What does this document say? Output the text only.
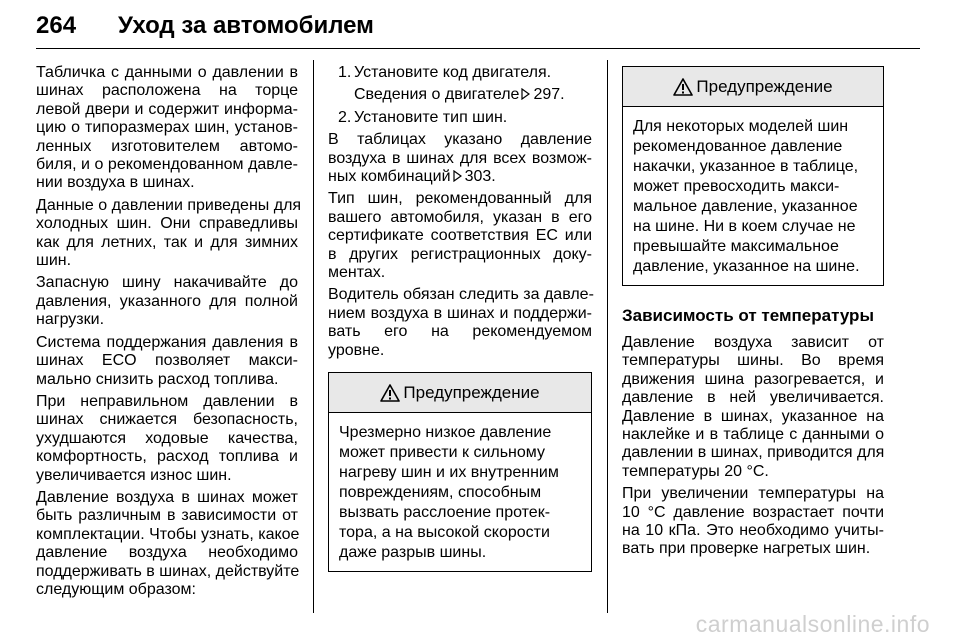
264 Уход за автомобилем

Табличка с данными о давлении в
шинах расположена на торце
левой двери и содержит информа-
цию о типоразмерах шин, установ-
ленных изготовителем автомо-
биля, и о рекомендованном давле-
нии воздуха в шинах.

Данные о давлении приведены для
холодных шин. Они справедливы
как для летних, так и для зимних
шин.

Запасную шину накачивайте до
давления, указанного для полной
нагрузки.

Система поддержания давления в
шинах ECO позволяет макси-
мально снизить расход топлива.

При неправильном давлении в
шинах снижается безопасность,
ухудшаются ходовые качества,
комфортность, расход топлива и
увеличивается износ шин.

Давление воздуха в шинах может
быть различным в зависимости от
комплектации. Чтобы узнать, какое
давление воздуха необходимо
поддерживать в шинах, действуйте
следующим образом:

1. Установите код двигателя.
Сведения о двигателе 297.
2. Установите тип шин.

В таблицах указано давление
воздуха в шинах для всех возмож-
ных комбинаций 303.

Тип шин, рекомендованный для
вашего автомобиля, указан в его
сертификате соответствия ЕС или
в других регистрационных доку-
ментах.

Водитель обязан следить за давле-
нием воздуха в шинах и поддержи-
вать его на рекомендуемом
уровне.

Предупреждение
Чрезмерно низкое давление
может привести к сильному
нагреву шин и их внутренним
повреждениям, способным
вызвать расслоение протек-
тора, а на высокой скорости
даже разрыв шины.
Предупреждение
Для некоторых моделей шин
рекомендованное давление
накачки, указанное в таблице,
может превосходить макси-
мальное давление, указанное
на шине. Ни в коем случае не
превышайте максимальное
давление, указанное на шине.
Зависимость от температуры

Давление воздуха зависит от
температуры шины. Во время
движения шина разогревается, и
давление в ней увеличивается.
Давление в шинах, указанное на
наклейке и в таблице с данными о
давлении в шинах, приводится для
температуры 20 °C.

При увеличении температуры на
10 °C давление возрастает почти
на 10 кПа. Это необходимо учиты-
вать при проверке нагретых шин.

carmanualsonline.info
